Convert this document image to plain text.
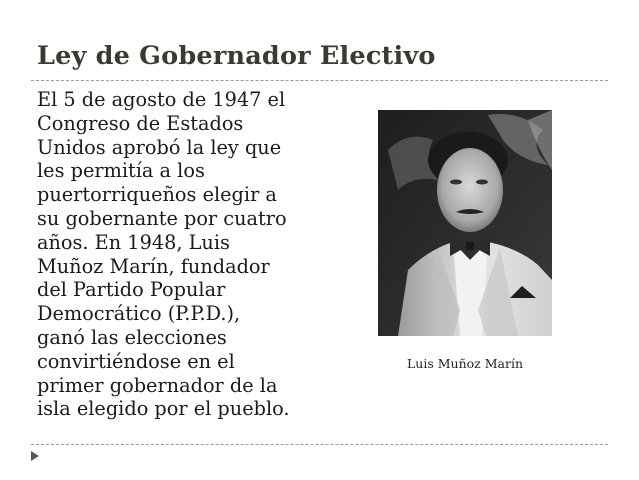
Ley de Gobernador Electivo
El 5 de agosto de 1947 el
Congreso de Estados
Unidos aprobó la ley que
les permitía a los
puertorriqueños elegir a
su gobernante por cuatro
años. En 1948, Luis
Muñoz Marín, fundador
del Partido Popular
Democrático (P.P.D.),
ganó las elecciones
convirtiéndose en el
primer gobernador de la
isla elegido por el pueblo.
Luis Muñoz Marín
